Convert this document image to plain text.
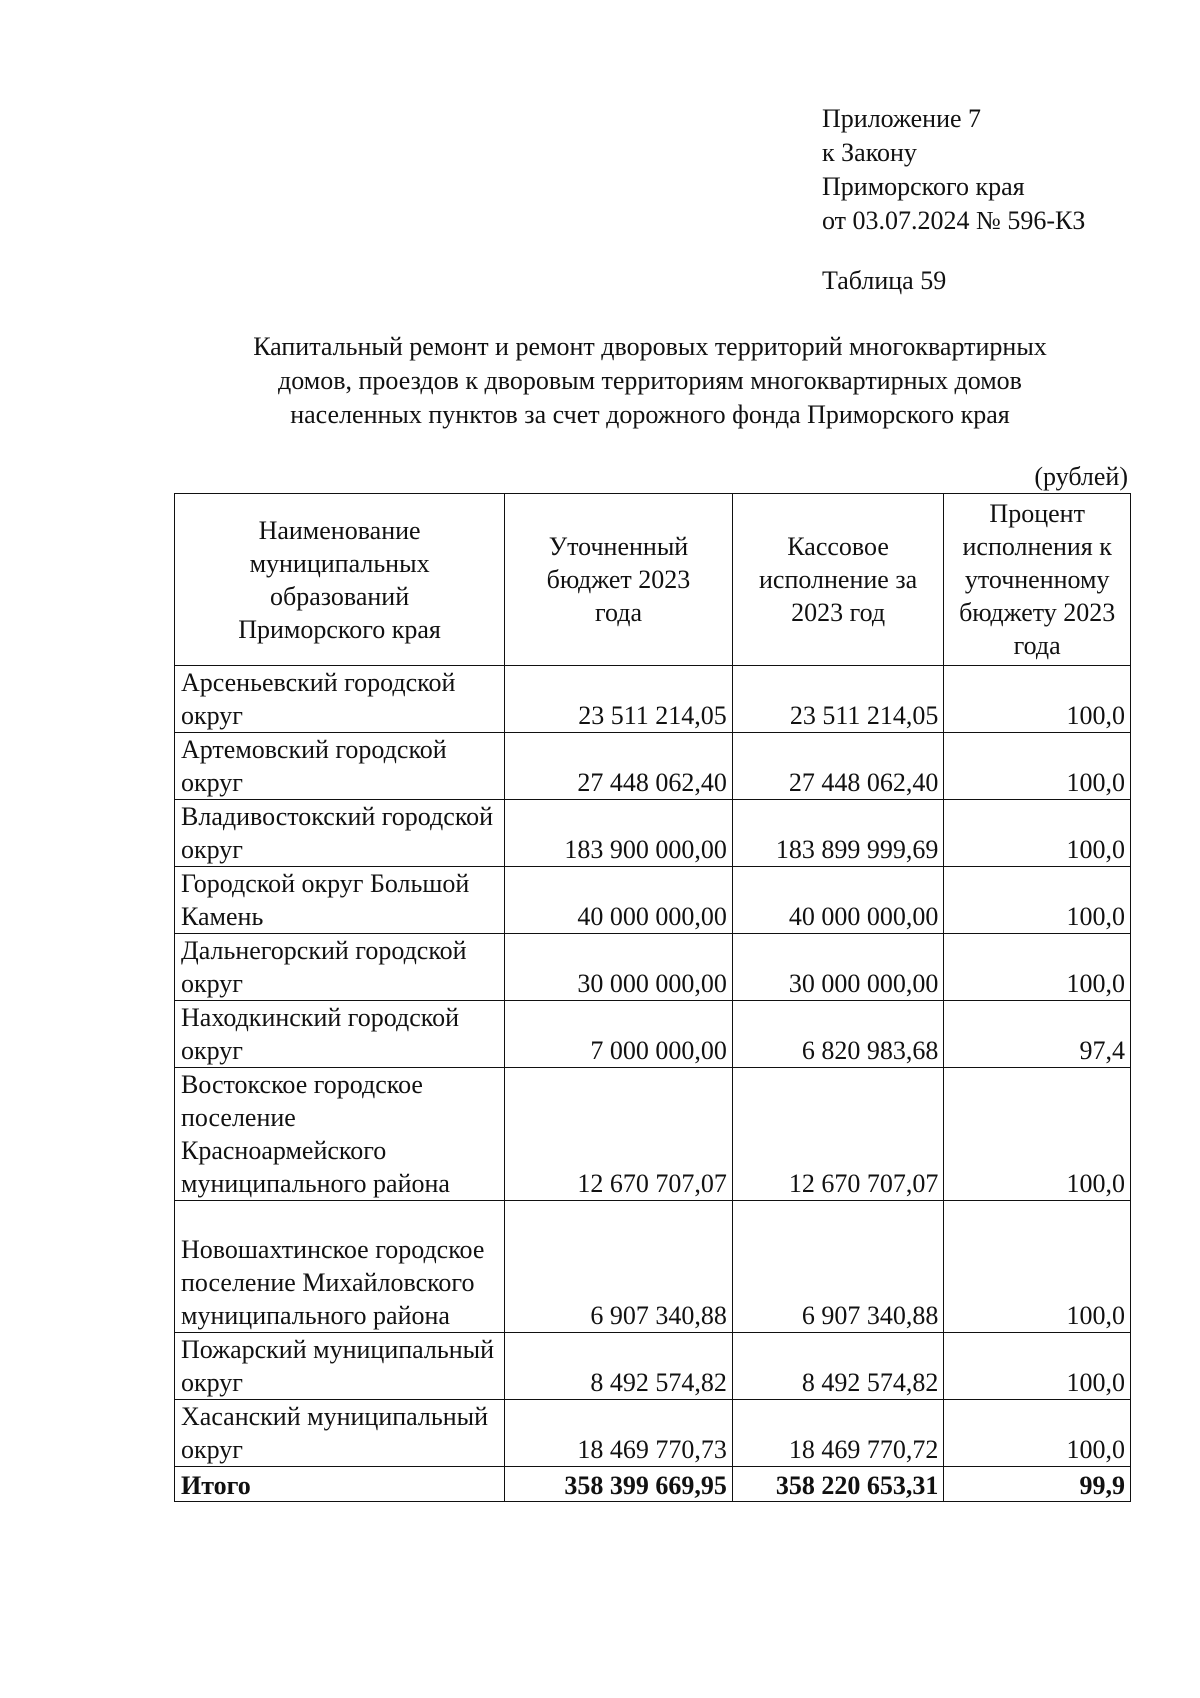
Приложение 7
к Закону
Приморского края
от 03.07.2024 № 596-КЗ
Таблица 59
Капитальный ремонт и ремонт дворовых территорий многоквартирных
домов, проездов к дворовым территориям многоквартирных домов
населенных пунктов за счет дорожного фонда Приморского края
(рублей)
Наименование муниципальных образований Приморского края	Уточненный бюджет 2023 года	Кассовое исполнение за 2023 год	Процент исполнения к уточненному бюджету 2023 года
Арсеньевский городской округ	23 511 214,05	23 511 214,05	100,0
Артемовский городской округ	27 448 062,40	27 448 062,40	100,0
Владивостокский городской округ	183 900 000,00	183 899 999,69	100,0
Городской округ Большой Камень	40 000 000,00	40 000 000,00	100,0
Дальнегорский городской округ	30 000 000,00	30 000 000,00	100,0
Находкинский городской округ	7 000 000,00	6 820 983,68	97,4
Востокское городское поселение Красноармейского муниципального района	12 670 707,07	12 670 707,07	100,0
Новошахтинское городское поселение Михайловского муниципального района	6 907 340,88	6 907 340,88	100,0
Пожарский муниципальный округ	8 492 574,82	8 492 574,82	100,0
Хасанский муниципальный округ	18 469 770,73	18 469 770,72	100,0
Итого	358 399 669,95	358 220 653,31	99,9
